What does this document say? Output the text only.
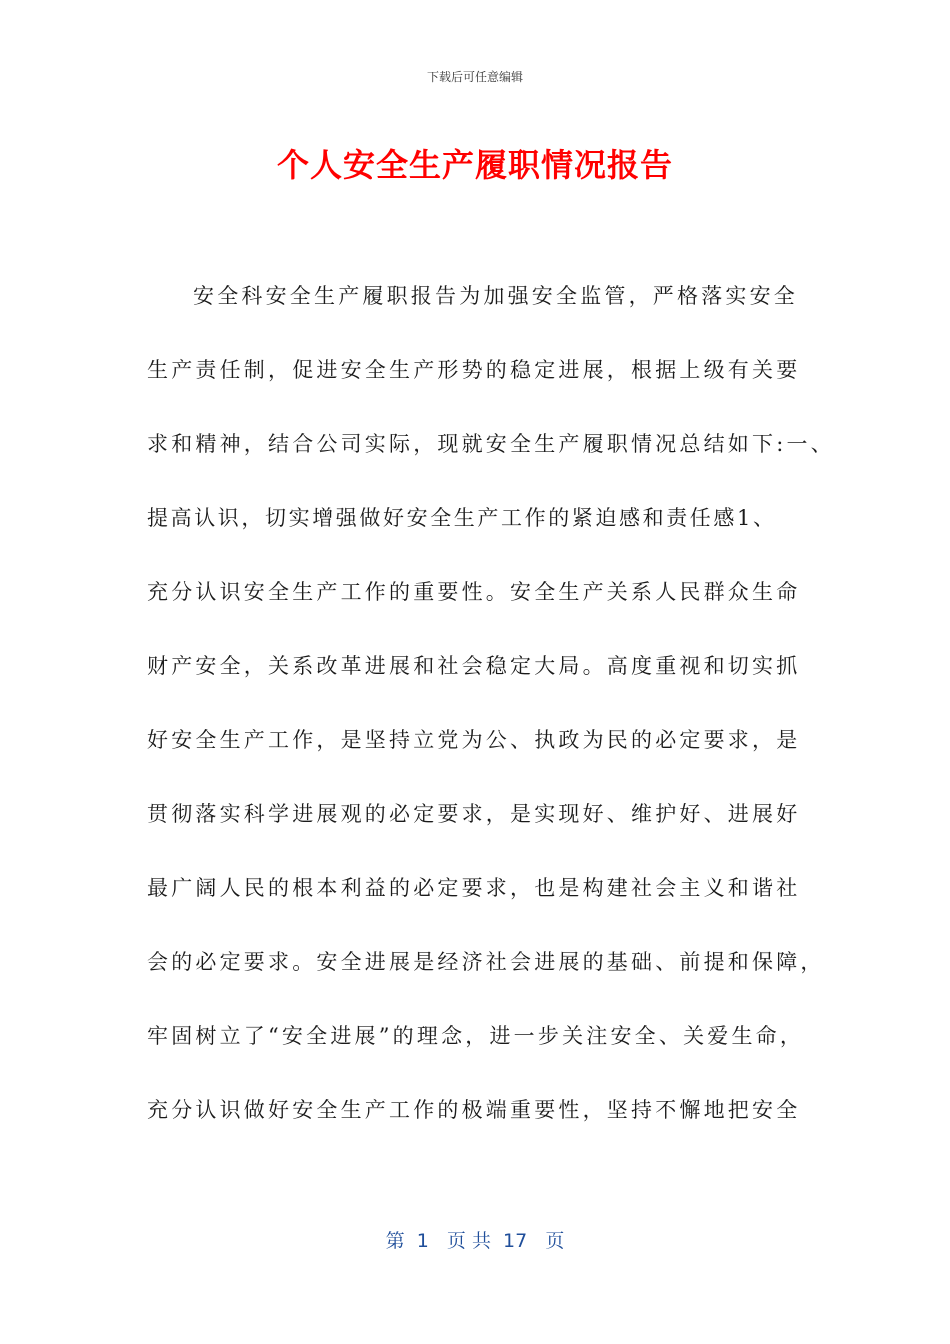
下载后可任意编辑
个人安全生产履职情况报告
安全科安全生产履职报告为加强安全监管，严格落实安全
生产责任制，促进安全生产形势的稳定进展，根据上级有关要
求和精神，结合公司实际，现就安全生产履职情况总结如下:一、
提高认识，切实增强做好安全生产工作的紧迫感和责任感1、
充分认识安全生产工作的重要性。安全生产关系人民群众生命
财产安全，关系改革进展和社会稳定大局。高度重视和切实抓
好安全生产工作，是坚持立党为公、执政为民的必定要求，是
贯彻落实科学进展观的必定要求，是实现好、维护好、进展好
最广阔人民的根本利益的必定要求，也是构建社会主义和谐社
会的必定要求。安全进展是经济社会进展的基础、前提和保障，
牢固树立了“安全进展”的理念，进一步关注安全、关爱生命，
充分认识做好安全生产工作的极端重要性，坚持不懈地把安全
第  1   页 共  17   页
